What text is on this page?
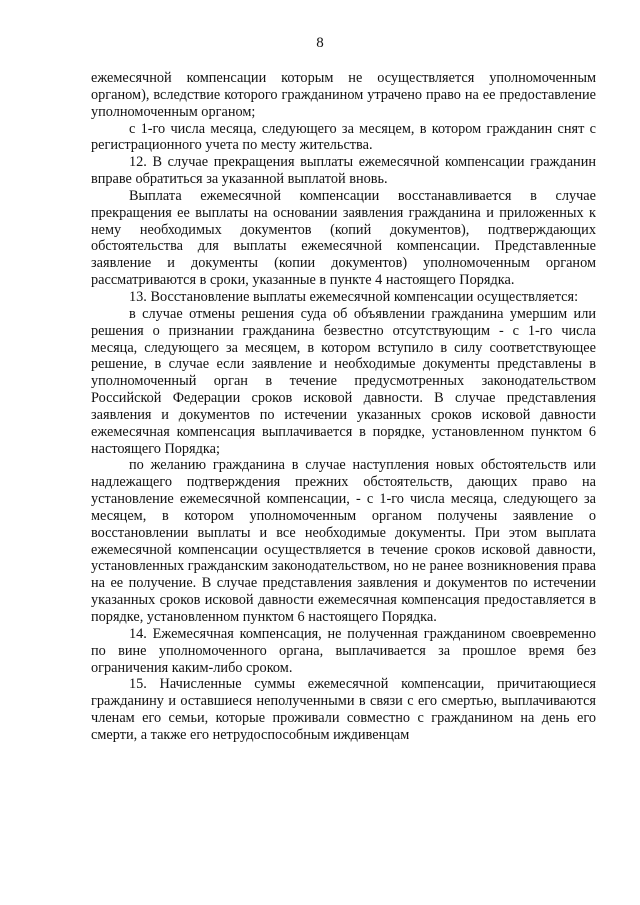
8

ежемесячной компенсации которым не осуществляется уполномоченным органом), вследствие которого гражданином утрачено право на ее предоставление уполномоченным органом;

с 1-го числа месяца, следующего за месяцем, в котором гражданин снят с регистрационного учета по месту жительства.

12. В случае прекращения выплаты ежемесячной компенсации гражданин вправе обратиться за указанной выплатой вновь.

Выплата ежемесячной компенсации восстанавливается в случае прекращения ее выплаты на основании заявления гражданина и приложенных к нему необходимых документов (копий документов), подтверждающих обстоятельства для выплаты ежемесячной компенсации. Представленные заявление и документы (копии документов) уполномоченным органом рассматриваются в сроки, указанные в пункте 4 настоящего Порядка.

13. Восстановление выплаты ежемесячной компенсации осуществляется:

в случае отмены решения суда об объявлении гражданина умершим или решения о признании гражданина безвестно отсутствующим - с 1-го числа месяца, следующего за месяцем, в котором вступило в силу соответствующее решение, в случае если заявление и необходимые документы представлены в уполномоченный орган в течение предусмотренных законодательством Российской Федерации сроков исковой давности. В случае представления заявления и документов по истечении указанных сроков исковой давности ежемесячная компенсация выплачивается в порядке, установленном пунктом 6 настоящего Порядка;

по желанию гражданина в случае наступления новых обстоятельств или надлежащего подтверждения прежних обстоятельств, дающих право на установление ежемесячной компенсации, - с 1-го числа месяца, следующего за месяцем, в котором уполномоченным органом получены заявление о восстановлении выплаты и все необходимые документы. При этом выплата ежемесячной компенсации осуществляется в течение сроков исковой давности, установленных гражданским законодательством, но не ранее возникновения права на ее получение. В случае представления заявления и документов по истечении указанных сроков исковой давности ежемесячная компенсация предоставляется в порядке, установленном пунктом 6 настоящего Порядка.

14. Ежемесячная компенсация, не полученная гражданином своевременно по вине уполномоченного органа, выплачивается за прошлое время без ограничения каким-либо сроком.

15. Начисленные суммы ежемесячной компенсации, причитающиеся гражданину и оставшиеся неполученными в связи с его смертью, выплачиваются членам его семьи, которые проживали совместно с гражданином на день его смерти, а также его нетрудоспособным иждивенцам
